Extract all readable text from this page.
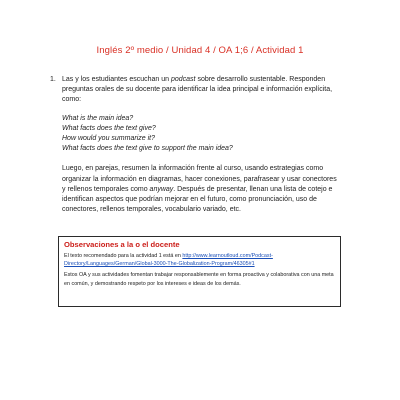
Inglés 2º medio / Unidad 4 / OA 1;6 / Actividad 1
1. Las y los estudiantes escuchan un podcast sobre desarrollo sustentable. Responden preguntas orales de su docente para identificar la idea principal e información explícita, como:

What is the main idea?
What facts does the text give?
How would you summarize it?
What facts does the text give to support the main idea?

Luego, en parejas, resumen la información frente al curso, usando estrategias como organizar la información en diagramas, hacer conexiones, parafrasear y usar conectores y rellenos temporales como anyway. Después de presentar, llenan una lista de cotejo e identifican aspectos que podrían mejorar en el futuro, como pronunciación, uso de conectores, rellenos temporales, vocabulario variado, etc.

Observaciones a la o el docente
El texto recomendado para la actividad 1 está en http://www.learnoutloud.com/Podcast-Directory/Languages/German/Global-3000-The-Globalization-Program/46305#1
Estos OA y sus actividades fomentan trabajar responsablemente en forma proactiva y colaborativa con una meta en común, y demostrando respeto por los intereses e ideas de los demás.
